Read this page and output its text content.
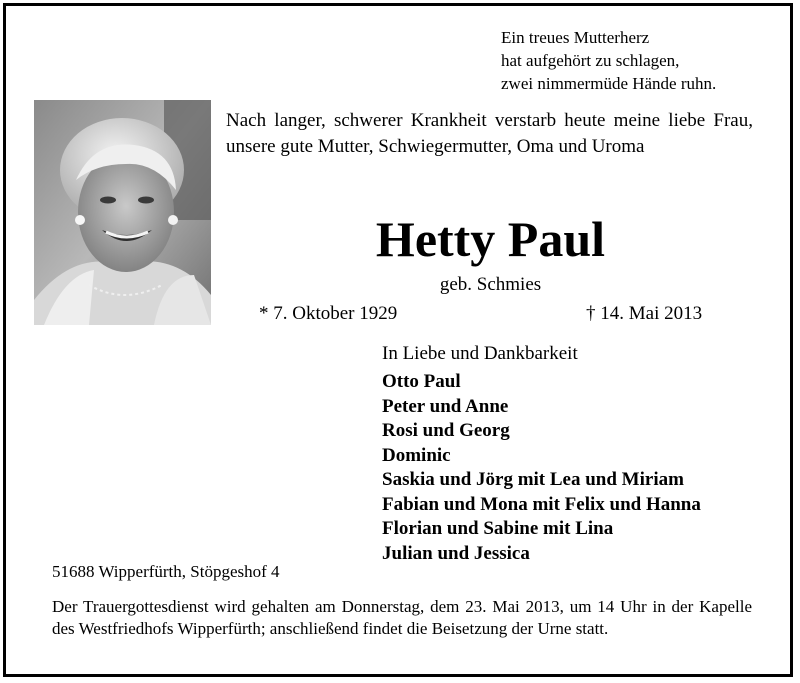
Ein treues Mutterherz
hat aufgehört zu schlagen,
zwei nimmermüde Hände ruhn.
Nach langer, schwerer Krankheit verstarb heute meine liebe Frau, unsere gute Mutter, Schwiegermutter, Oma und Uroma
Hetty Paul
geb. Schmies
* 7. Oktober 1929	† 14. Mai 2013
In Liebe und Dankbarkeit
Otto Paul
Peter und Anne
Rosi und Georg
Dominic
Saskia und Jörg mit Lea und Miriam
Fabian und Mona mit Felix und Hanna
Florian und Sabine mit Lina
Julian und Jessica
51688 Wipperfürth, Stöpgeshof 4
Der Trauergottesdienst wird gehalten am Donnerstag, dem 23. Mai 2013, um 14 Uhr in der Kapelle des Westfriedhofs Wipperfürth; anschließend findet die Beisetzung der Urne statt.
